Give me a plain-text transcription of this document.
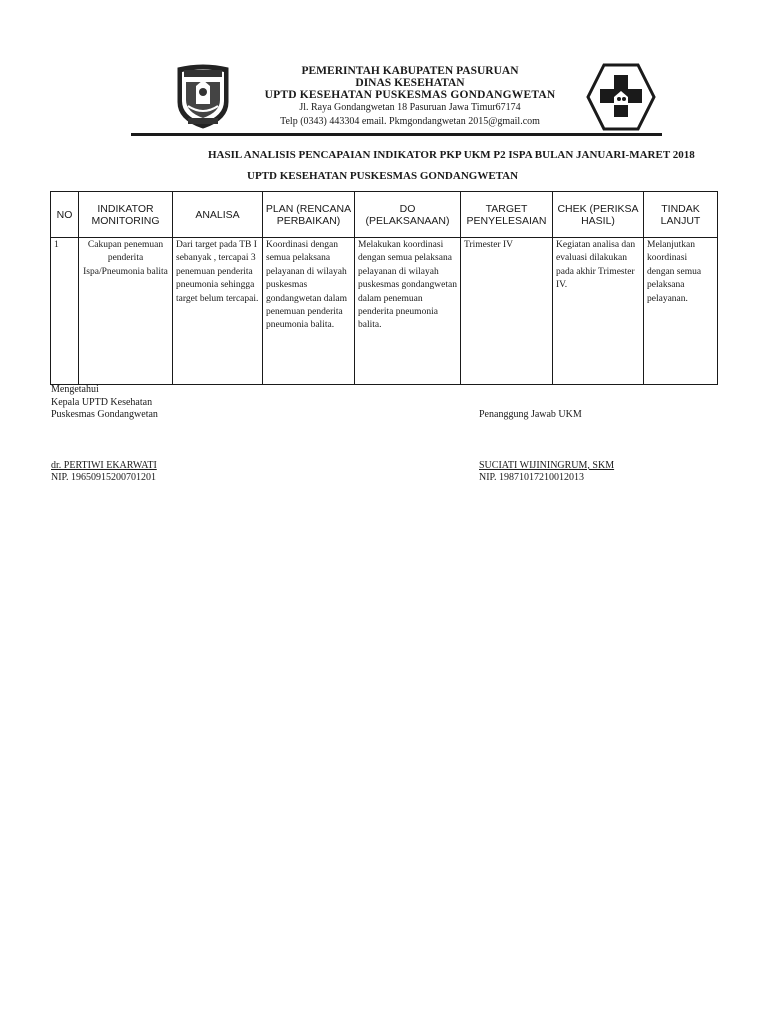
PEMERINTAH KABUPATEN PASURUAN
DINAS KESEHATAN
UPTD KESEHATAN PUSKESMAS GONDANGWETAN
Jl. Raya Gondangwetan 18 Pasuruan Jawa Timur67174
Telp (0343) 443304 email. Pkmgondangwetan 2015@gmail.com
HASIL ANALISIS PENCAPAIAN INDIKATOR PKP UKM P2 ISPA BULAN JANUARI-MARET 2018
UPTD KESEHATAN PUSKESMAS GONDANGWETAN
NO	INDIKATOR MONITORING	ANALISA	PLAN (RENCANA PERBAIKAN)	DO (PELAKSANAAN)	TARGET PENYELESAIAN	CHEK (PERIKSA HASIL)	TINDAK LANJUT
1	Cakupan penemuan penderita Ispa/Pneumonia balita	Dari target pada TB I sebanyak , tercapai 3 penemuan penderita pneumonia sehingga target belum tercapai.	Koordinasi dengan semua pelaksana pelayanan di wilayah puskesmas gondangwetan dalam penemuan penderita pneumonia balita.	Melakukan koordinasi dengan semua pelaksana pelayanan di wilayah puskesmas gondangwetan dalam penemuan penderita pneumonia balita.	Trimester IV	Kegiatan analisa dan evaluasi dilakukan pada akhir Trimester IV.	Melanjutkan koordinasi dengan semua pelaksana pelayanan.
Mengetahui
Kepala UPTD Kesehatan
Puskesmas Gondangwetan
dr. PERTIWI EKARWATI
NIP. 19650915200701201
Penanggung Jawab UKM
SUCIATI WIJININGRUM, SKM
NIP. 19871017210012013
